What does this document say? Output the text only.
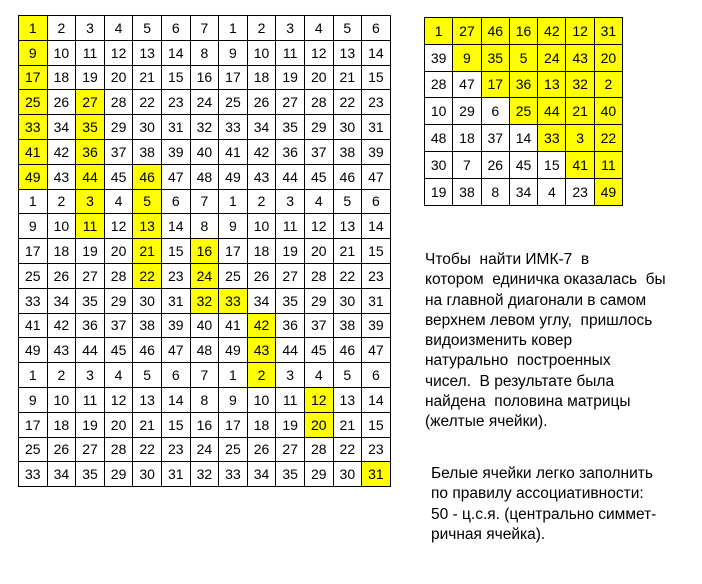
1	2	3	4	5	6	7	1	2	3	4	5	6
9	10	11	12	13	14	8	9	10	11	12	13	14
17	18	19	20	21	15	16	17	18	19	20	21	15
25	26	27	28	22	23	24	25	26	27	28	22	23
33	34	35	29	30	31	32	33	34	35	29	30	31
41	42	36	37	38	39	40	41	42	36	37	38	39
49	43	44	45	46	47	48	49	43	44	45	46	47
1	2	3	4	5	6	7	1	2	3	4	5	6
9	10	11	12	13	14	8	9	10	11	12	13	14
17	18	19	20	21	15	16	17	18	19	20	21	15
25	26	27	28	22	23	24	25	26	27	28	22	23
33	34	35	29	30	31	32	33	34	35	29	30	31
41	42	36	37	38	39	40	41	42	36	37	38	39
49	43	44	45	46	47	48	49	43	44	45	46	47
1	2	3	4	5	6	7	1	2	3	4	5	6
9	10	11	12	13	14	8	9	10	11	12	13	14
17	18	19	20	21	15	16	17	18	19	20	21	15
25	26	27	28	22	23	24	25	26	27	28	22	23
33	34	35	29	30	31	32	33	34	35	29	30	31
1	27	46	16	42	12	31
39	9	35	5	24	43	20
28	47	17	36	13	32	2
10	29	6	25	44	21	40
48	18	37	14	33	3	22
30	7	26	45	15	41	11
19	38	8	34	4	23	49
Чтобы  найти ИМК-7  в
котором  единичка оказалась  бы
на главной диагонали в самом
верхнем левом углу,  пришлось
видоизменить ковер
натурально  построенных
чисел.  В результате была
найдена  половина матрицы
(желтые ячейки).
Белые ячейки легко заполнить
по правилу ассоциативности:
50 - ц.с.я. (центрально симмет-
ричная ячейка).
